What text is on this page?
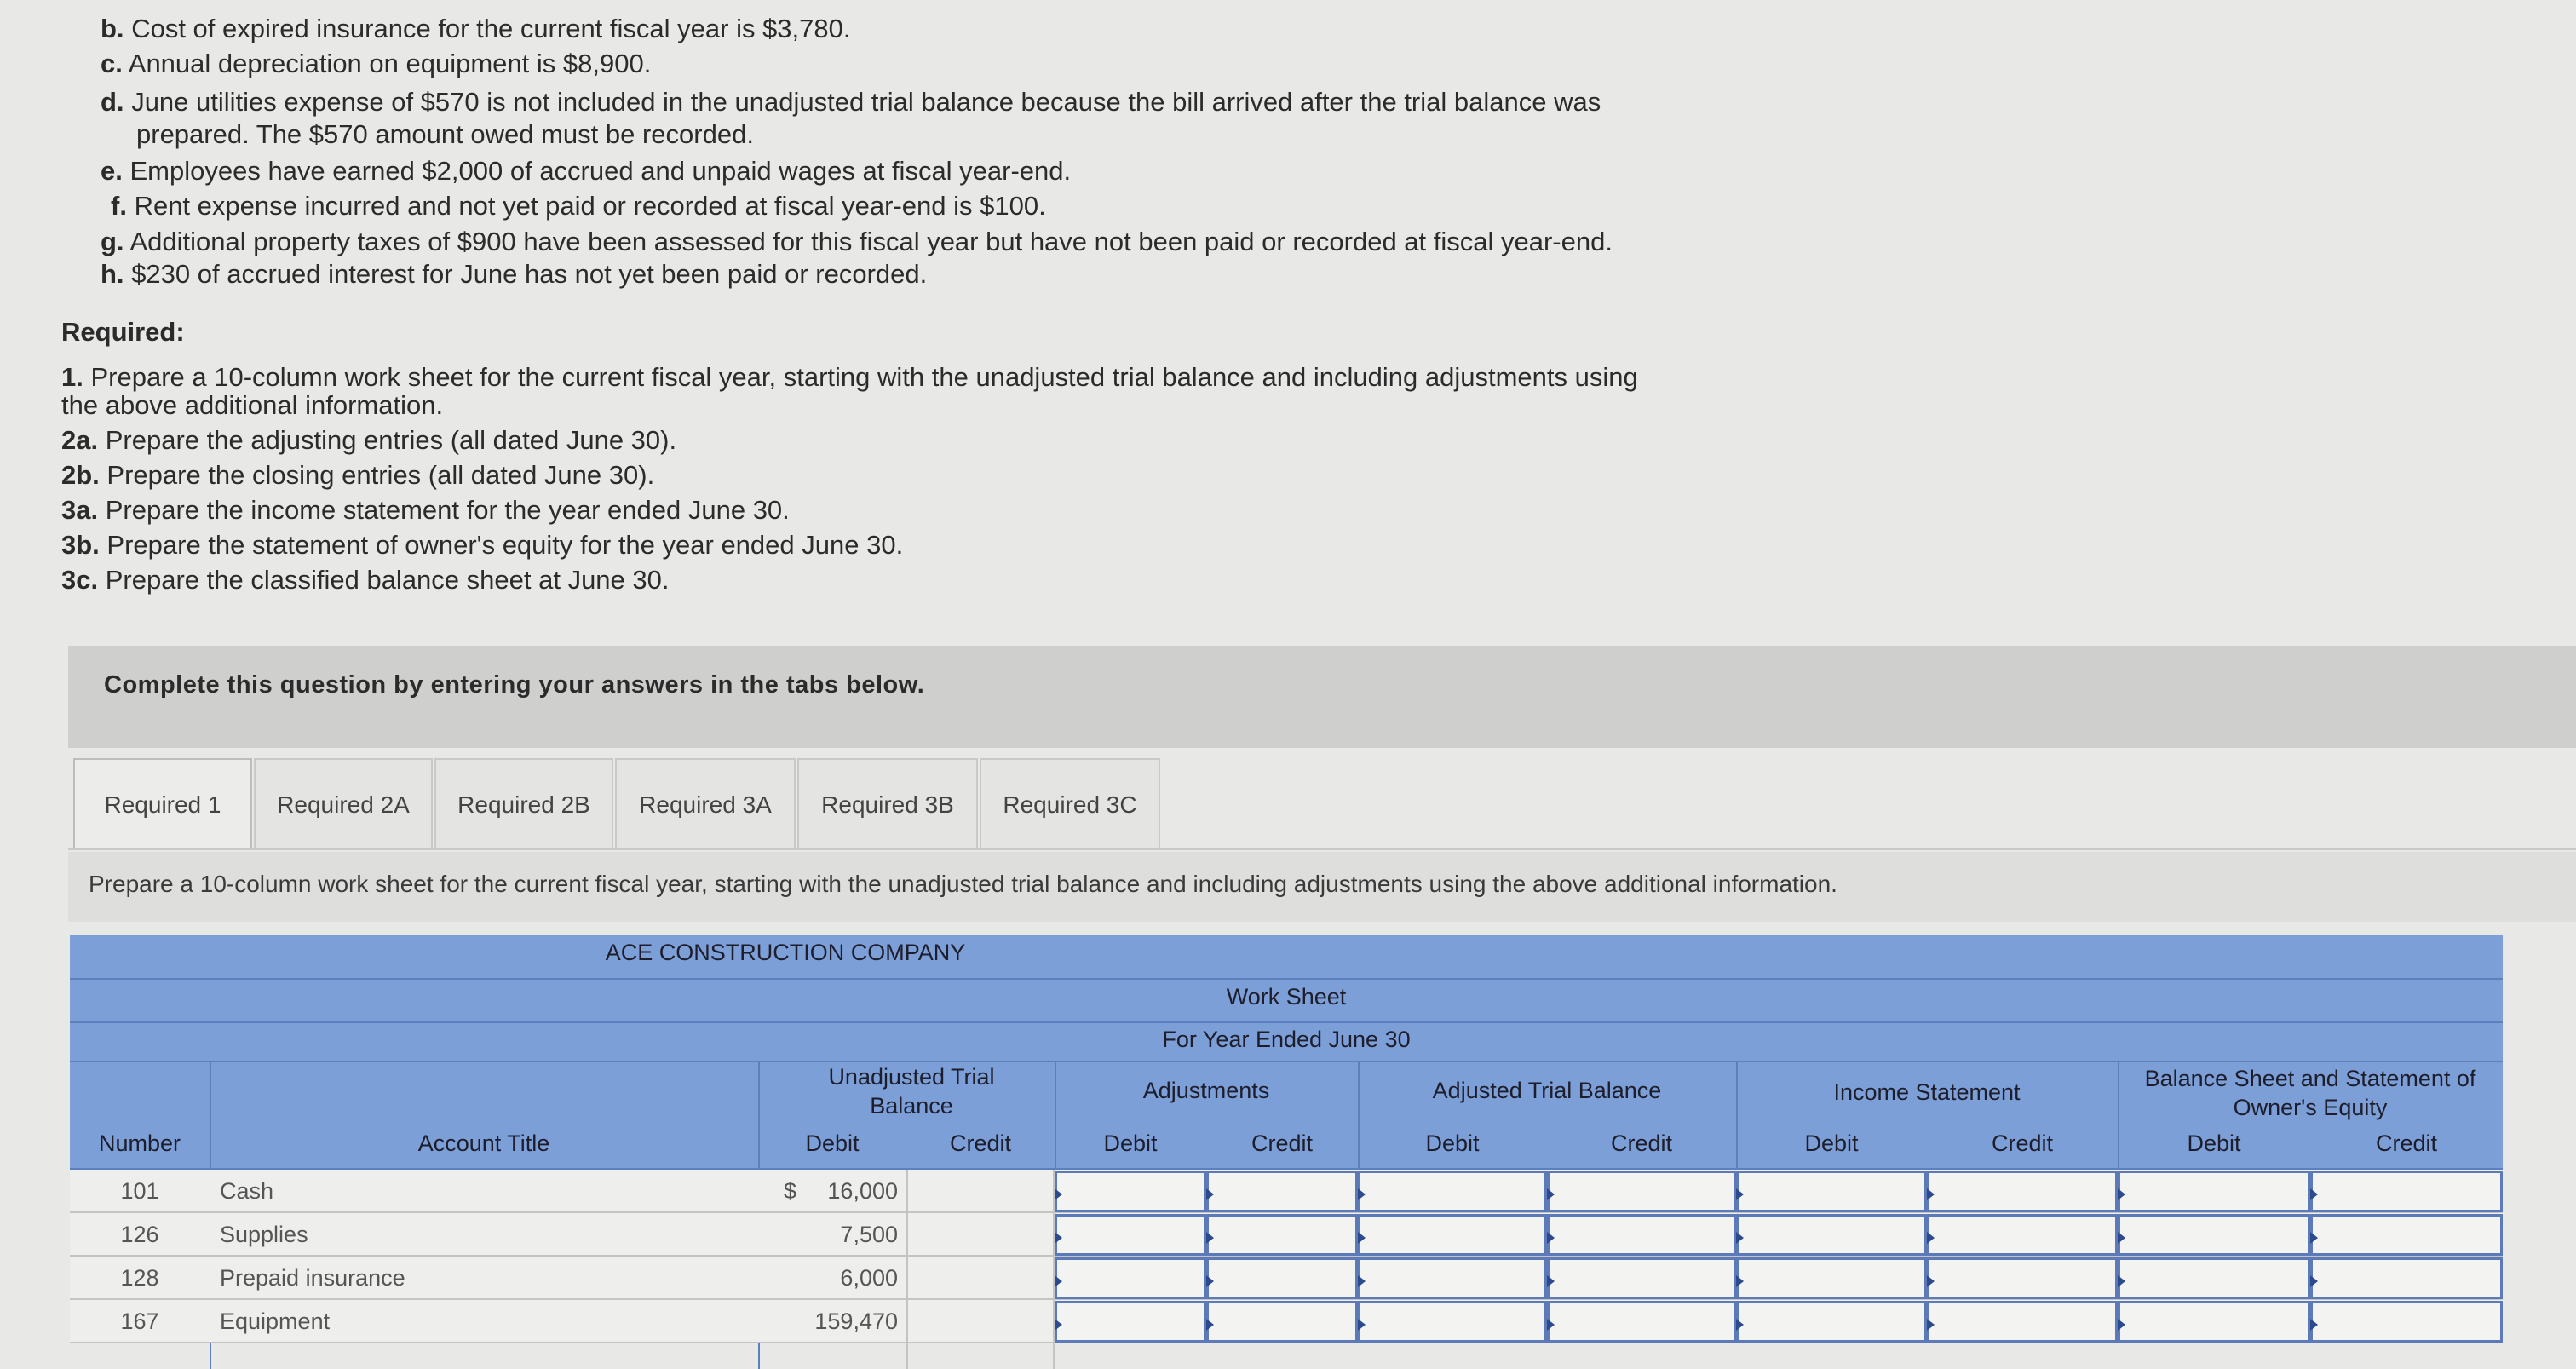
b. Cost of expired insurance for the current fiscal year is $3,780.
c. Annual depreciation on equipment is $8,900.
d. June utilities expense of $570 is not included in the unadjusted trial balance because the bill arrived after the trial balance was
prepared. The $570 amount owed must be recorded.
e. Employees have earned $2,000 of accrued and unpaid wages at fiscal year-end.
f. Rent expense incurred and not yet paid or recorded at fiscal year-end is $100.
g. Additional property taxes of $900 have been assessed for this fiscal year but have not been paid or recorded at fiscal year-end.
h. $230 of accrued interest for June has not yet been paid or recorded.
Required:
1. Prepare a 10-column work sheet for the current fiscal year, starting with the unadjusted trial balance and including adjustments using
the above additional information.
2a. Prepare the adjusting entries (all dated June 30).
2b. Prepare the closing entries (all dated June 30).
3a. Prepare the income statement for the year ended June 30.
3b. Prepare the statement of owner's equity for the year ended June 30.
3c. Prepare the classified balance sheet at June 30.
Complete this question by entering your answers in the tabs below.
Required 1	Required 2A	Required 2B	Required 3A	Required 3B	Required 3C
Prepare a 10-column work sheet for the current fiscal year, starting with the unadjusted trial balance and including adjustments using the above additional information.
ACE CONSTRUCTION COMPANY
Work Sheet
For Year Ended June 30
Unadjusted Trial Balance
Adjustments	Adjusted Trial Balance	Income Statement
Balance Sheet and Statement of Owner's Equity
Number	Account Title	Debit	Credit	Debit	Credit	Debit	Credit	Debit	Credit	Debit	Credit
101	Cash	$	16,000
126	Supplies	7,500
128	Prepaid insurance	6,000
167	Equipment	159,470
